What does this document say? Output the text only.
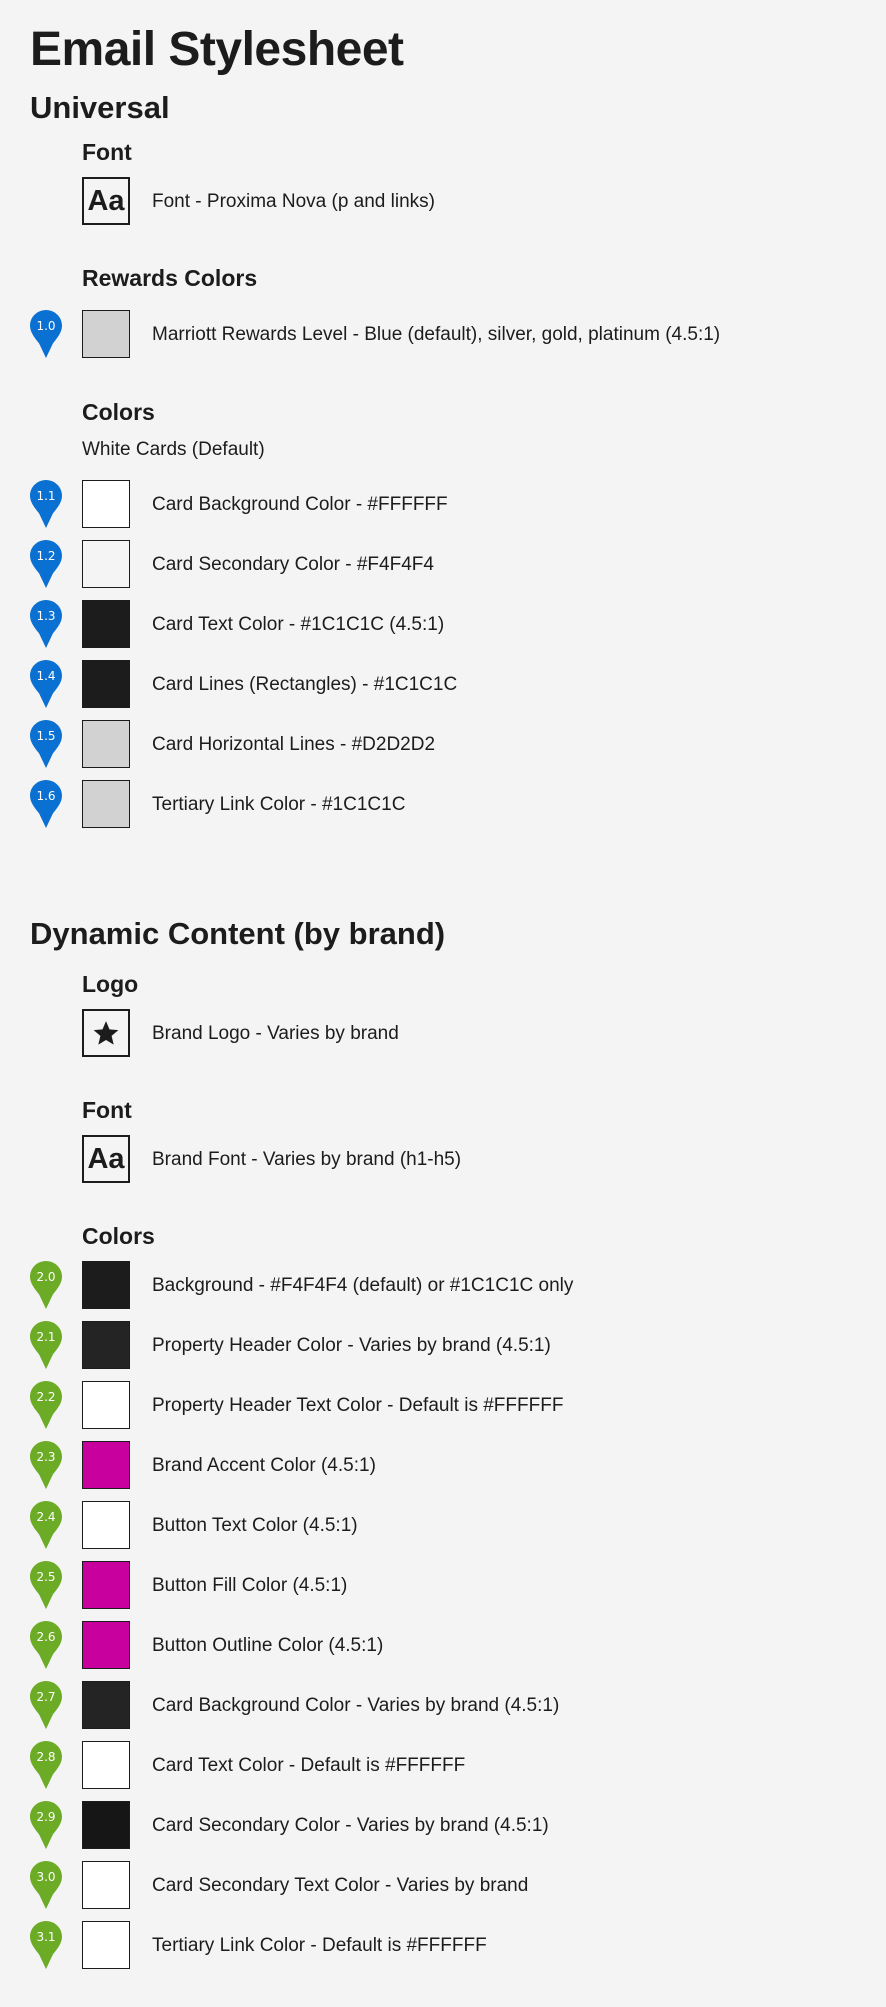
Email Stylesheet
Universal
Font
Aa Font - Proxima Nova (p and links)
Rewards Colors
1.0	Marriott Rewards Level - Blue (default), silver, gold, platinum (4.5:1)
Colors
White Cards (Default)
1.1	Card Background Color - #FFFFFF
1.2	Card Secondary Color - #F4F4F4
1.3	Card Text Color - #1C1C1C (4.5:1)
1.4	Card Lines (Rectangles) - #1C1C1C
1.5	Card Horizontal Lines - #D2D2D2
1.6	Tertiary Link Color - #1C1C1C
Dynamic Content (by brand)
Logo
Brand Logo - Varies by brand
Font
Aa Brand Font - Varies by brand (h1-h5)
Colors
2.0	Background - #F4F4F4 (default) or #1C1C1C only
2.1	Property Header Color - Varies by brand (4.5:1)
2.2	Property Header Text Color - Default is #FFFFFF
2.3	Brand Accent Color (4.5:1)
2.4	Button Text Color (4.5:1)
2.5	Button Fill Color (4.5:1)
2.6	Button Outline Color (4.5:1)
2.7	Card Background Color - Varies by brand (4.5:1)
2.8	Card Text Color - Default is #FFFFFF
2.9	Card Secondary Color - Varies by brand (4.5:1)
3.0	Card Secondary Text Color - Varies by brand
3.1	Tertiary Link Color - Default is #FFFFFF
